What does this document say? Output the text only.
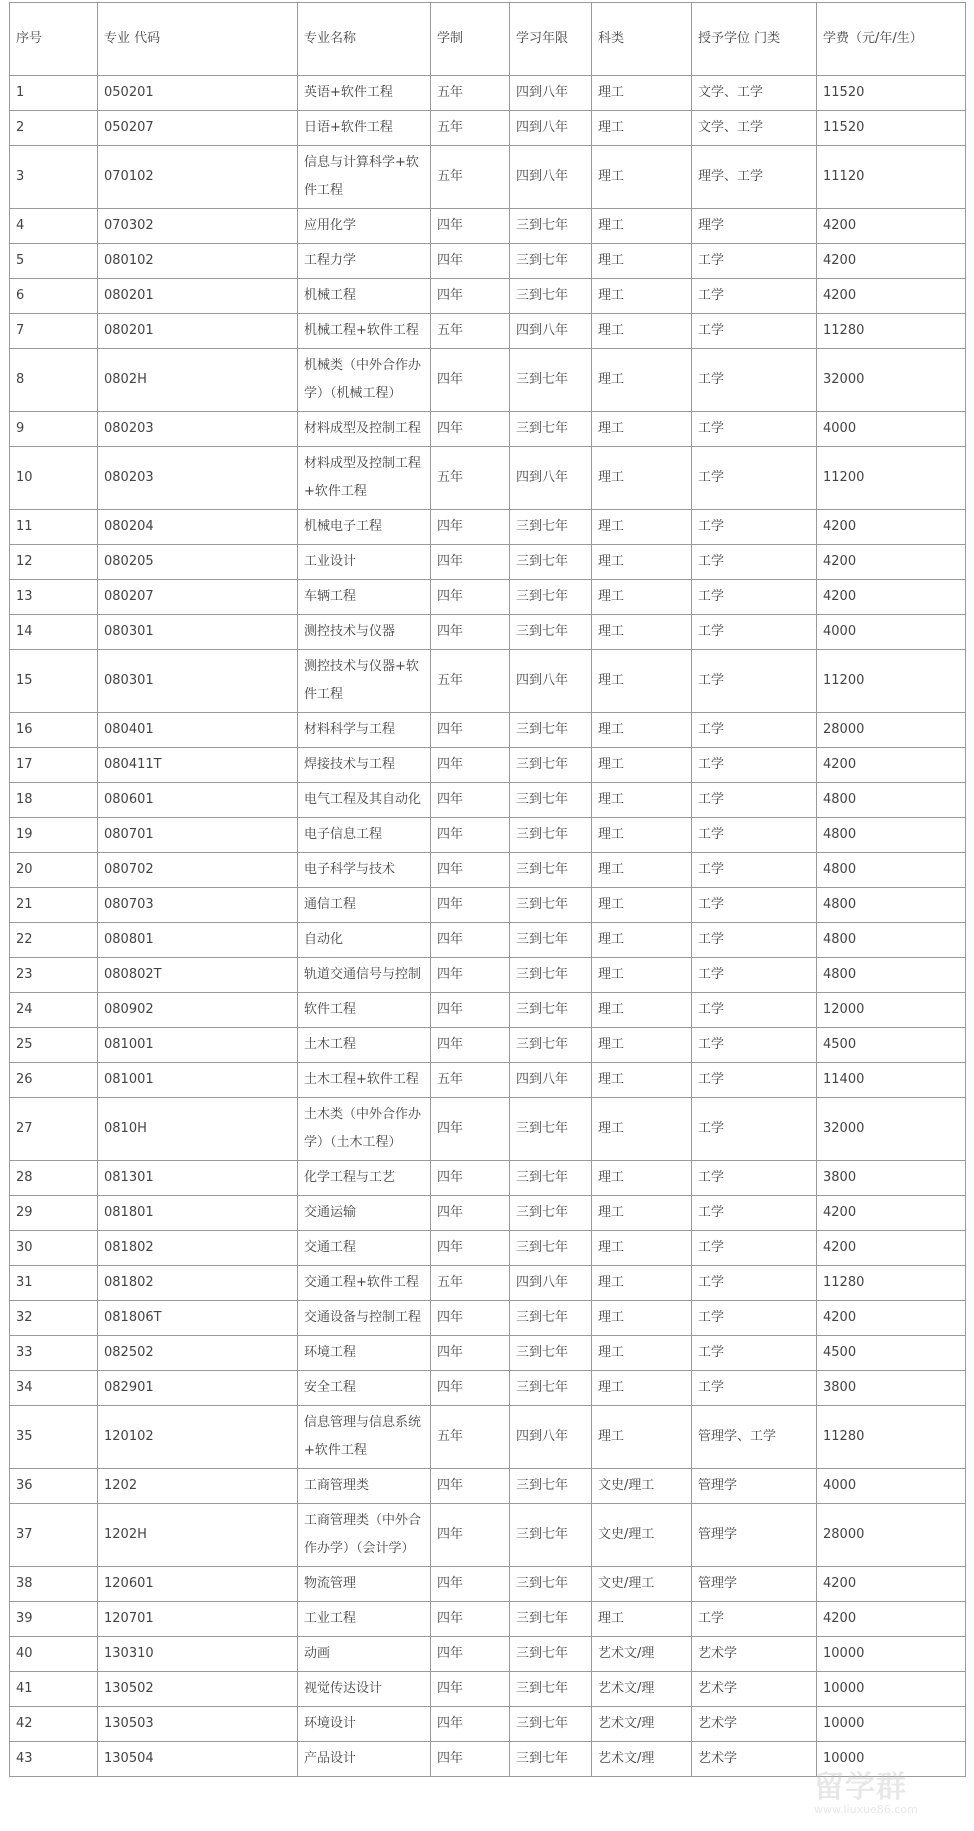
序号	专业 代码	专业名称	学制	学习年限	科类	授予学位 门类	学费（元/年/生）
1	050201	英语+软件工程	五年	四到八年	理工	文学、工学	11520
2	050207	日语+软件工程	五年	四到八年	理工	文学、工学	11520
3	070102	信息与计算科学+软件工程	五年	四到八年	理工	理学、工学	11120
4	070302	应用化学	四年	三到七年	理工	理学	4200
5	080102	工程力学	四年	三到七年	理工	工学	4200
6	080201	机械工程	四年	三到七年	理工	工学	4200
7	080201	机械工程+软件工程	五年	四到八年	理工	工学	11280
8	0802H	机械类（中外合作办学）（机械工程）	四年	三到七年	理工	工学	32000
9	080203	材料成型及控制工程	四年	三到七年	理工	工学	4000
10	080203	材料成型及控制工程+软件工程	五年	四到八年	理工	工学	11200
11	080204	机械电子工程	四年	三到七年	理工	工学	4200
12	080205	工业设计	四年	三到七年	理工	工学	4200
13	080207	车辆工程	四年	三到七年	理工	工学	4200
14	080301	测控技术与仪器	四年	三到七年	理工	工学	4000
15	080301	测控技术与仪器+软件工程	五年	四到八年	理工	工学	11200
16	080401	材料科学与工程	四年	三到七年	理工	工学	28000
17	080411T	焊接技术与工程	四年	三到七年	理工	工学	4200
18	080601	电气工程及其自动化	四年	三到七年	理工	工学	4800
19	080701	电子信息工程	四年	三到七年	理工	工学	4800
20	080702	电子科学与技术	四年	三到七年	理工	工学	4800
21	080703	通信工程	四年	三到七年	理工	工学	4800
22	080801	自动化	四年	三到七年	理工	工学	4800
23	080802T	轨道交通信号与控制	四年	三到七年	理工	工学	4800
24	080902	软件工程	四年	三到七年	理工	工学	12000
25	081001	土木工程	四年	三到七年	理工	工学	4500
26	081001	土木工程+软件工程	五年	四到八年	理工	工学	11400
27	0810H	土木类（中外合作办学）（土木工程）	四年	三到七年	理工	工学	32000
28	081301	化学工程与工艺	四年	三到七年	理工	工学	3800
29	081801	交通运输	四年	三到七年	理工	工学	4200
30	081802	交通工程	四年	三到七年	理工	工学	4200
31	081802	交通工程+软件工程	五年	四到八年	理工	工学	11280
32	081806T	交通设备与控制工程	四年	三到七年	理工	工学	4200
33	082502	环境工程	四年	三到七年	理工	工学	4500
34	082901	安全工程	四年	三到七年	理工	工学	3800
35	120102	信息管理与信息系统+软件工程	五年	四到八年	理工	管理学、工学	11280
36	1202	工商管理类	四年	三到七年	文史/理工	管理学	4000
37	1202H	工商管理类（中外合作办学）（会计学）	四年	三到七年	文史/理工	管理学	28000
38	120601	物流管理	四年	三到七年	文史/理工	管理学	4200
39	120701	工业工程	四年	三到七年	理工	工学	4200
40	130310	动画	四年	三到七年	艺术文/理	艺术学	10000
41	130502	视觉传达设计	四年	三到七年	艺术文/理	艺术学	10000
42	130503	环境设计	四年	三到七年	艺术文/理	艺术学	10000
43	130504	产品设计	四年	三到七年	艺术文/理	艺术学	10000
留学群
www.liuxue86.com
